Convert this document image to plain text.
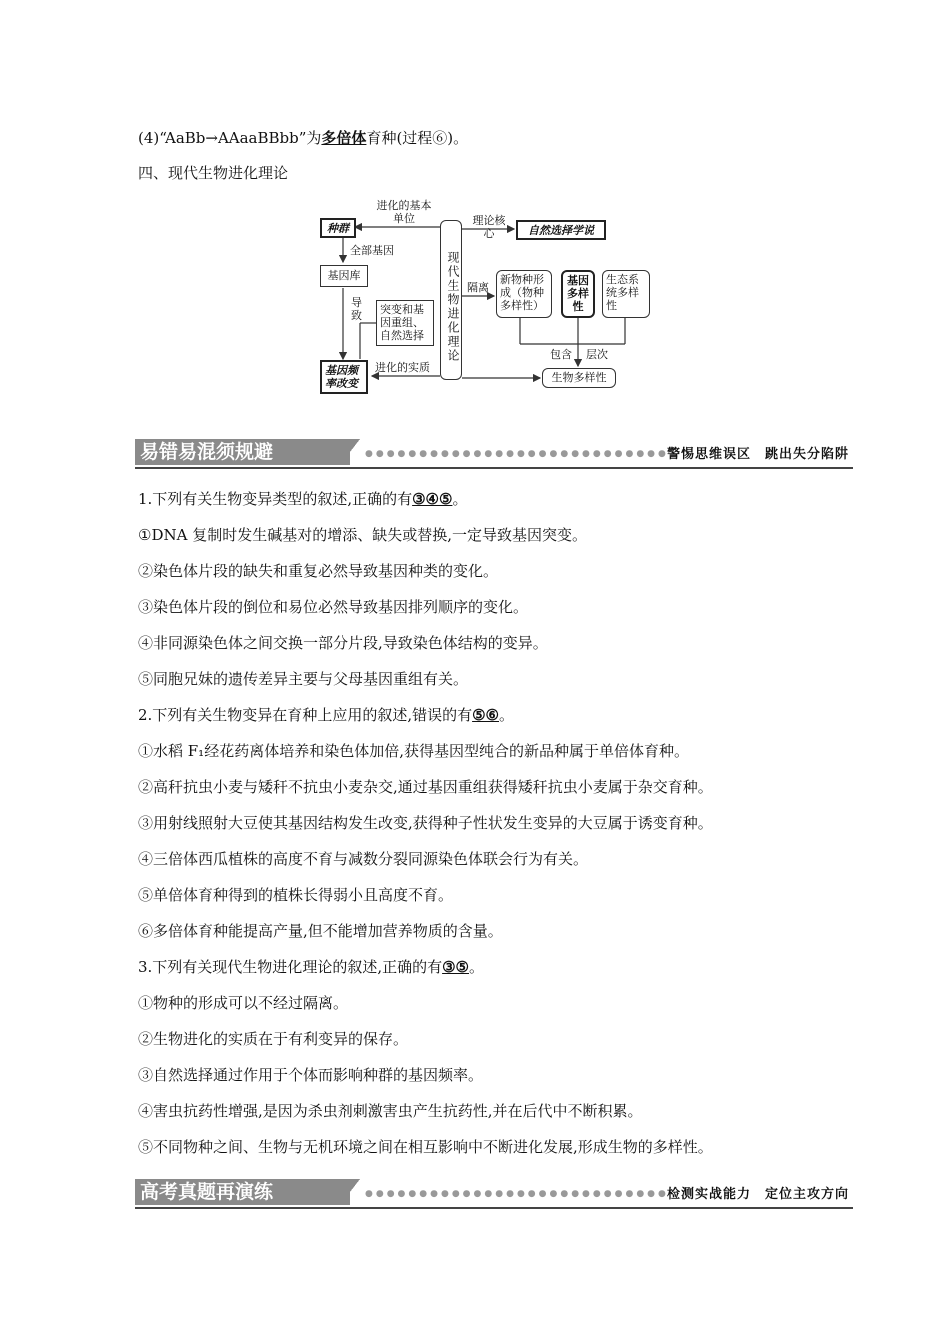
(4)“AaBb→AAaaBBbb”为多倍体育种(过程⑥)。
四、现代生物进化理论
现代生物进化理论
种群
进化的基本单位
全部基因
基因库
导致	突变和基因重组、自然选择
基因频率改变
进化的实质
理论核心	自然选择学说
隔离
新物种形成（物种多样性）
基因多样性
生态系统多样性
包含 层次
生物多样性
易错易混须规避	●●●●●●●●●●●●●●●●●●●●●●●●●●●●
警惕思维误区　跳出失分陷阱
1.下列有关生物变异类型的叙述,正确的有③④⑤。
①DNA 复制时发生碱基对的增添、缺失或替换,一定导致基因突变。
②染色体片段的缺失和重复必然导致基因种类的变化。
③染色体片段的倒位和易位必然导致基因排列顺序的变化。
④非同源染色体之间交换一部分片段,导致染色体结构的变异。
⑤同胞兄妹的遗传差异主要与父母基因重组有关。
2.下列有关生物变异在育种上应用的叙述,错误的有⑤⑥。
①水稻 F₁经花药离体培养和染色体加倍,获得基因型纯合的新品种属于单倍体育种。
②高秆抗虫小麦与矮秆不抗虫小麦杂交,通过基因重组获得矮秆抗虫小麦属于杂交育种。
③用射线照射大豆使其基因结构发生改变,获得种子性状发生变异的大豆属于诱变育种。
④三倍体西瓜植株的高度不育与减数分裂同源染色体联会行为有关。
⑤单倍体育种得到的植株长得弱小且高度不育。
⑥多倍体育种能提高产量,但不能增加营养物质的含量。
3.下列有关现代生物进化理论的叙述,正确的有③⑤。
①物种的形成可以不经过隔离。
②生物进化的实质在于有利变异的保存。
③自然选择通过作用于个体而影响种群的基因频率。
④害虫抗药性增强,是因为杀虫剂刺激害虫产生抗药性,并在后代中不断积累。
⑤不同物种之间、生物与无机环境之间在相互影响中不断进化发展,形成生物的多样性。
高考真题再演练	●●●●●●●●●●●●●●●●●●●●●●●●●●●●
检测实战能力　定位主攻方向
